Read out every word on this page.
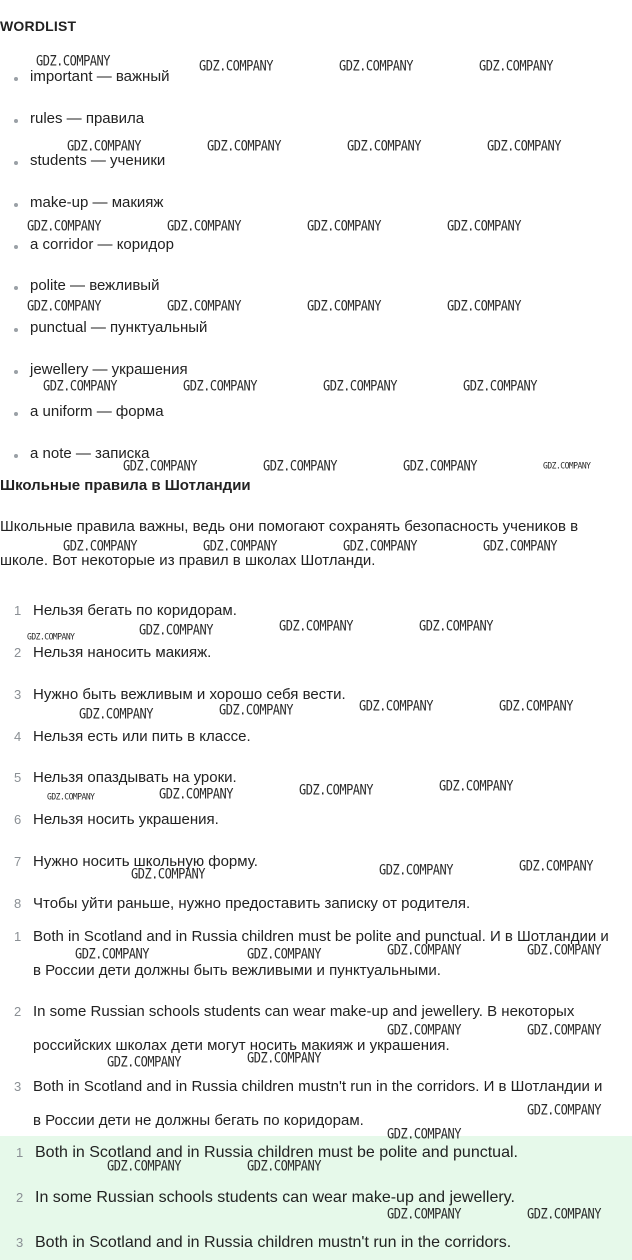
WORDLIST
important — важный
rules — правила
students — ученики
make-up — макияж
a corridor — коридор
polite — вежливый
punctual — пунктуальный
jewellery — украшения
a uniform — форма
a note — записка
Школьные правила в Шотландии
Школьные правила важны, ведь они помогают сохранять безопасность учеников в школе. Вот некоторые из правил в школах Шотланди.
1 Нельзя бегать по коридорам.
2 Нельзя наносить макияж.
3 Нужно быть вежливым и хорошо себя вести.
4 Нельзя есть или пить в классе.
5 Нельзя опаздывать на уроки.
6 Нельзя носить украшения.
7 Нужно носить школьную форму.
8 Чтобы уйти раньше, нужно предоставить записку от родителя.
1 Both in Scotland and in Russia children must be polite and punctual. И в Шотландии и в России дети должны быть вежливыми и пунктуальными.
2 In some Russian schools students can wear make-up and jewellery. В некоторых российских школах дети могут носить макияж и украшения.
3 Both in Scotland and in Russia children mustn't run in the corridors. И в Шотландии и в России дети не должны бегать по коридорам.
1 Both in Scotland and in Russia children must be polite and punctual.
2 In some Russian schools students can wear make-up and jewellery.
3 Both in Scotland and in Russia children mustn't run in the corridors.
GDZ.COMPANY	GDZ.COMPANY	GDZ.COMPANY	GDZ.COMPANY
GDZ.COMPANY	GDZ.COMPANY	GDZ.COMPANY	GDZ.COMPANY
GDZ.COMPANY	GDZ.COMPANY	GDZ.COMPANY	GDZ.COMPANY
GDZ.COMPANY	GDZ.COMPANY	GDZ.COMPANY	GDZ.COMPANY
GDZ.COMPANY	GDZ.COMPANY	GDZ.COMPANY	GDZ.COMPANY
GDZ.COMPANY	GDZ.COMPANY	GDZ.COMPANY	GDZ.COMPANY
GDZ.COMPANY	GDZ.COMPANY	GDZ.COMPANY	GDZ.COMPANY
GDZ.COMPANY	GDZ.COMPANY	GDZ.COMPANY	GDZ.COMPANY
GDZ.COMPANY	GDZ.COMPANY	GDZ.COMPANY	GDZ.COMPANY
GDZ.COMPANY	GDZ.COMPANY	GDZ.COMPANY	GDZ.COMPANY
GDZ.COMPANY	GDZ.COMPANY	GDZ.COMPANY
GDZ.COMPANY	GDZ.COMPANY	GDZ.COMPANY	GDZ.COMPANY
GDZ.COMPANY	GDZ.COMPANY
GDZ.COMPANY	GDZ.COMPANY
GDZ.COMPANY
GDZ.COMPANY
GDZ.COMPANY	GDZ.COMPANY
GDZ.COMPANY	GDZ.COMPANY
